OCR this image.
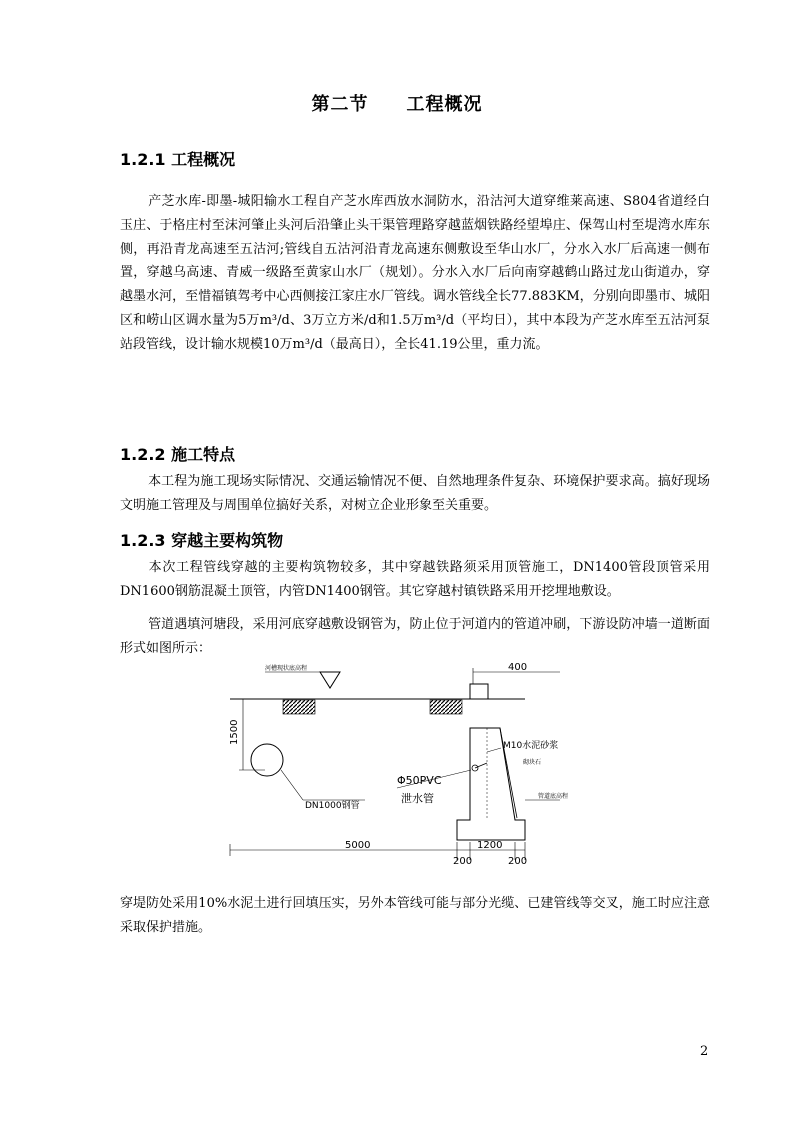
第二节 工程概况
1.2.1 工程概况
产芝水库-即墨-城阳输水工程自产芝水库西放水洞防水，沿沽河大道穿维莱高速、S804省道经白玉庄、于格庄村至沫河肇止头河后沿肇止头干渠管理路穿越蓝烟铁路经望埠庄、保驾山村至堤湾水库东侧，再沿青龙高速至五沽河;管线自五沽河沿青龙高速东侧敷设至华山水厂，分水入水厂后高速一侧布置，穿越乌高速、青威一级路至黄家山水厂（规划）。分水入水厂后向南穿越鹤山路过龙山街道办，穿越墨水河，至惜福镇驾考中心西侧接江家庄水厂管线。调水管线全长77.883KM，分别向即墨市、城阳区和崂山区调水量为5万m³/d、3万立方米/d和1.5万m³/d（平均日），其中本段为产芝水库至五沽河泵站段管线，设计输水规模10万m³/d（最高日），全长41.19公里，重力流。
1.2.2 施工特点
本工程为施工现场实际情况、交通运输情况不便、自然地理条件复杂、环境保护要求高。搞好现场文明施工管理及与周围单位搞好关系，对树立企业形象至关重要。
1.2.3 穿越主要构筑物
本次工程管线穿越的主要构筑物较多，其中穿越铁路须采用顶管施工，DN1400管段顶管采用DN1600钢筋混凝土顶管，内管DN1400钢管。其它穿越村镇铁路采用开挖埋地敷设。
管道遇填河塘段，采用河底穿越敷设钢管为，防止位于河道内的管道冲刷，下游设防冲墙一道断面形式如图所示：
河槽现状底高程	400
1500
DN1000钢管
M10水泥砂浆
砌块石
Φ50PVC
泄水管	管道底高程
5000	1200
200	200
穿堤防处采用10%水泥土进行回填压实，另外本管线可能与部分光缆、已建管线等交叉，施工时应注意采取保护措施。
2
